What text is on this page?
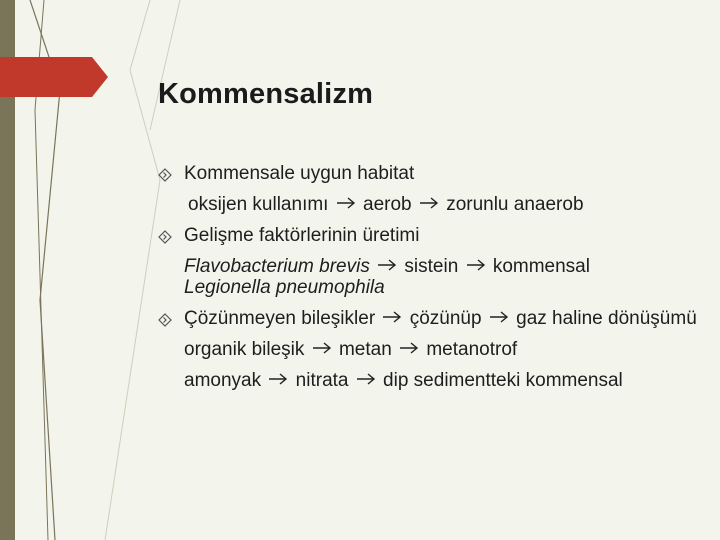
Kommensalizm
Kommensale uygun habitat
oksijen kullanımı aerob zorunlu anaerob
Gelişme faktörlerinin üretimi
Flavobacterium brevis sistein kommensal
Legionella pneumophila
Çözünmeyen bileşikler çözünüp gaz haline dönüşümü
organik bileşik metan metanotrof
amonyak nitrata dip sedimentteki kommensal
